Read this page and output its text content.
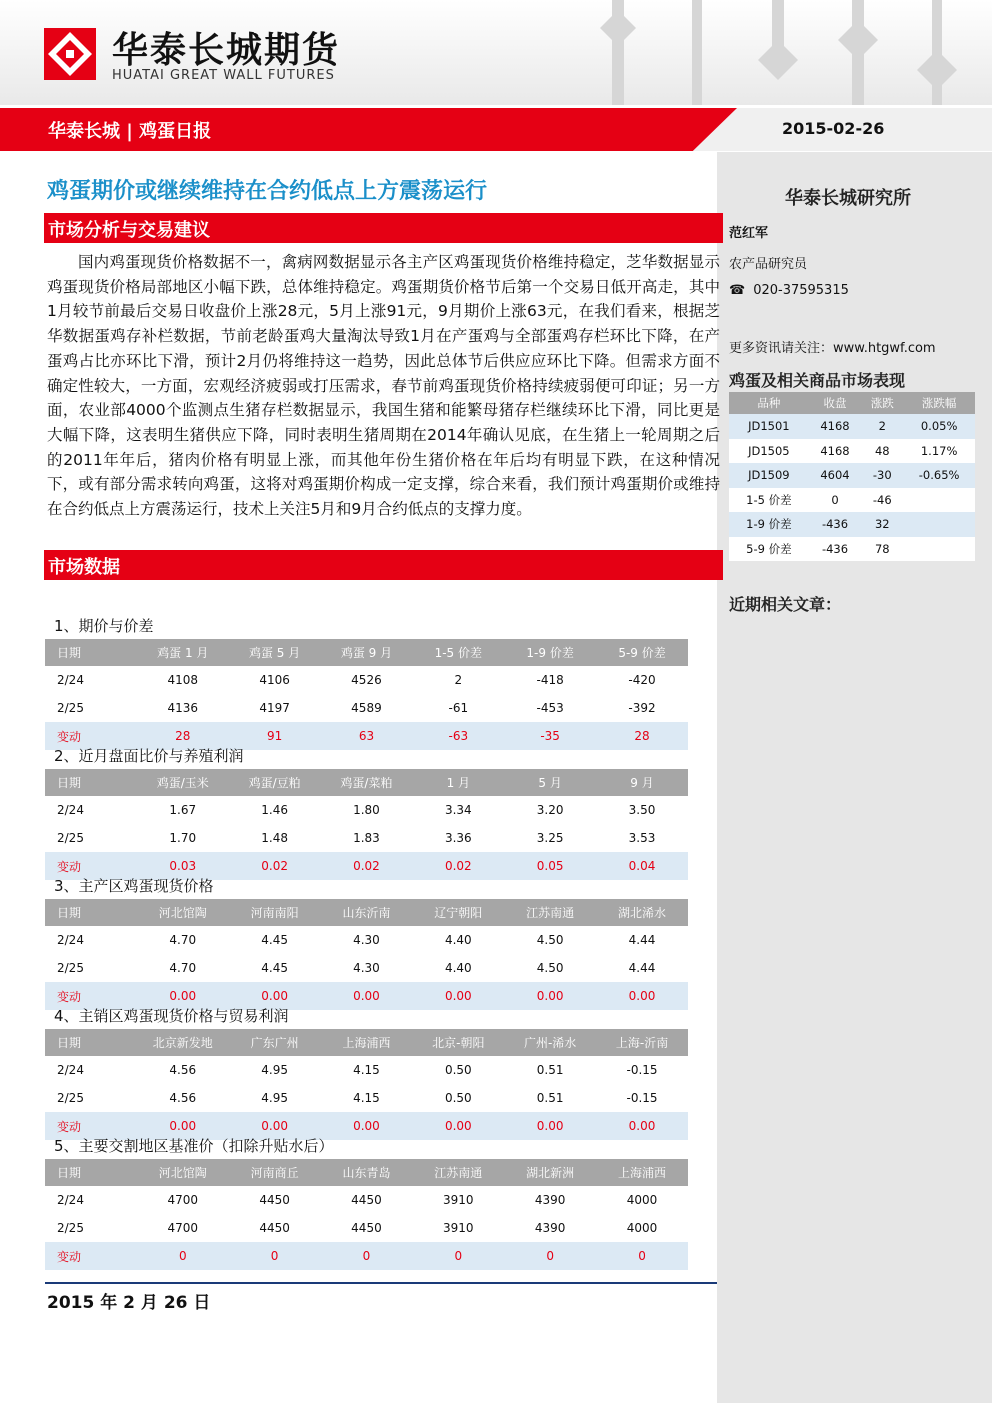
华泰长城期货
HUATAI GREAT WALL FUTURES
华泰长城 | 鸡蛋日报	2015-02-26
华泰长城研究所
范红军
农产品研究员
☎ 020-37595315
更多资讯请关注：www.htgwf.com
鸡蛋及相关商品市场表现
品种	收盘	涨跌	涨跌幅
JD1501	4168	2	0.05%
JD1505	4168	48	1.17%
JD1509	4604	-30	-0.65%
1-5 价差	0	-46	
1-9 价差	-436	32	
5-9 价差	-436	78	
近期相关文章：
鸡蛋期价或继续维持在合约低点上方震荡运行
市场分析与交易建议
国内鸡蛋现货价格数据不一，禽病网数据显示各主产区鸡蛋现货价格维持稳定，芝华数据显示鸡蛋现货价格局部地区小幅下跌，总体维持稳定。鸡蛋期货价格节后第一个交易日低开高走，其中1月较节前最后交易日收盘价上涨28元，5月上涨91元，9月期价上涨63元，在我们看来，根据芝华数据蛋鸡存补栏数据，节前老龄蛋鸡大量淘汰导致1月在产蛋鸡与全部蛋鸡存栏环比下降，在产蛋鸡占比亦环比下滑，预计2月仍将维持这一趋势，因此总体节后供应应环比下降。但需求方面不确定性较大，一方面，宏观经济疲弱或打压需求，春节前鸡蛋现货价格持续疲弱便可印证；另一方面，农业部4000个监测点生猪存栏数据显示，我国生猪和能繁母猪存栏继续环比下滑，同比更是大幅下降，这表明生猪供应下降，同时表明生猪周期在2014年确认见底，在生猪上一轮周期之后的2011年年后，猪肉价格有明显上涨，而其他年份生猪价格在年后均有明显下跌，在这种情况下，或有部分需求转向鸡蛋，这将对鸡蛋期价构成一定支撑，综合来看，我们预计鸡蛋期价或维持在合约低点上方震荡运行，技术上关注5月和9月合约低点的支撑力度。
市场数据
1、期价与价差
日期	鸡蛋 1 月	鸡蛋 5 月	鸡蛋 9 月	1-5 价差	1-9 价差	5-9 价差
2/24	4108	4106	4526	2	-418	-420
2/25	4136	4197	4589	-61	-453	-392
变动	28	91	63	-63	-35	28
2、近月盘面比价与养殖利润
日期	鸡蛋/玉米	鸡蛋/豆粕	鸡蛋/菜粕	1 月	5 月	9 月
2/24	1.67	1.46	1.80	3.34	3.20	3.50
2/25	1.70	1.48	1.83	3.36	3.25	3.53
变动	0.03	0.02	0.02	0.02	0.05	0.04
3、主产区鸡蛋现货价格
日期	河北馆陶	河南南阳	山东沂南	辽宁朝阳	江苏南通	湖北浠水
2/24	4.70	4.45	4.30	4.40	4.50	4.44
2/25	4.70	4.45	4.30	4.40	4.50	4.44
变动	0.00	0.00	0.00	0.00	0.00	0.00
4、主销区鸡蛋现货价格与贸易利润
日期	北京新发地	广东广州	上海浦西	北京-朝阳	广州-浠水	上海-沂南
2/24	4.56	4.95	4.15	0.50	0.51	-0.15
2/25	4.56	4.95	4.15	0.50	0.51	-0.15
变动	0.00	0.00	0.00	0.00	0.00	0.00
5、主要交割地区基准价（扣除升贴水后）
日期	河北馆陶	河南商丘	山东青岛	江苏南通	湖北新洲	上海浦西
2/24	4700	4450	4450	3910	4390	4000
2/25	4700	4450	4450	3910	4390	4000
变动	0	0	0	0	0	0
2015 年 2 月 26 日
